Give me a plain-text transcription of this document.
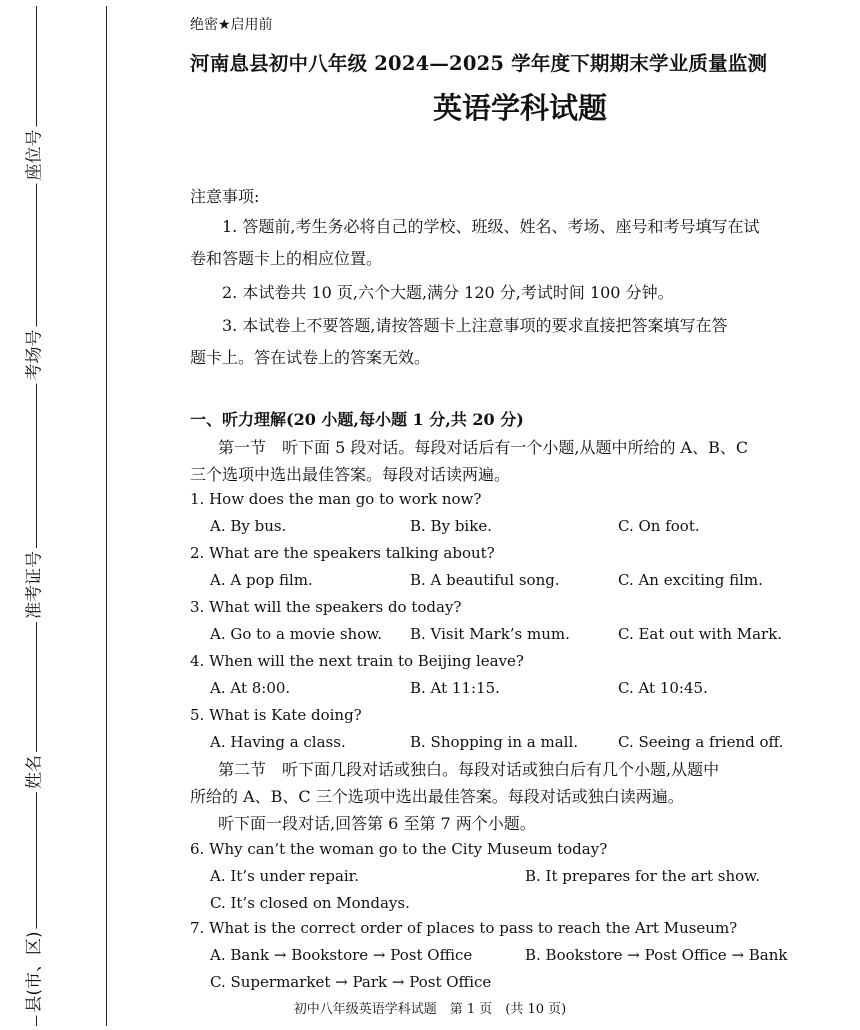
座位号
考场号
准考证号
姓名
县(市、区)
绝密★启用前
河南息县初中八年级 2024—2025 学年度下期期末学业质量监测
英语学科试题
注意事项:
1. 答题前,考生务必将自己的学校、班级、姓名、考场、座号和考号填写在试
卷和答题卡上的相应位置。
2. 本试卷共 10 页,六个大题,满分 120 分,考试时间 100 分钟。
3. 本试卷上不要答题,请按答题卡上注意事项的要求直接把答案填写在答
题卡上。答在试卷上的答案无效。
一、听力理解(20 小题,每小题 1 分,共 20 分)
第一节　听下面 5 段对话。每段对话后有一个小题,从题中所给的 A、B、C
三个选项中选出最佳答案。每段对话读两遍。
1. How does the man go to work now?
A. By bus.	B. By bike.	C. On foot.
2. What are the speakers talking about?
A. A pop film.	B. A beautiful song.	C. An exciting film.
3. What will the speakers do today?
A. Go to a movie show. B. Visit Mark’s mum.	C. Eat out with Mark.
4. When will the next train to Beijing leave?
A. At 8:00.	B. At 11:15.	C. At 10:45.
5. What is Kate doing?
A. Having a class.	B. Shopping in a mall.	C. Seeing a friend off.
第二节　听下面几段对话或独白。每段对话或独白后有几个小题,从题中
所给的 A、B、C 三个选项中选出最佳答案。每段对话或独白读两遍。
听下面一段对话,回答第 6 至第 7 两个小题。
6. Why can’t the woman go to the City Museum today?
A. It’s under repair.	B. It prepares for the art show.
C. It’s closed on Mondays.
7. What is the correct order of places to pass to reach the Art Museum?
A. Bank → Bookstore → Post Office	B. Bookstore → Post Office → Bank
C. Supermarket → Park → Post Office
初中八年级英语学科试题　第 1 页　(共 10 页)
